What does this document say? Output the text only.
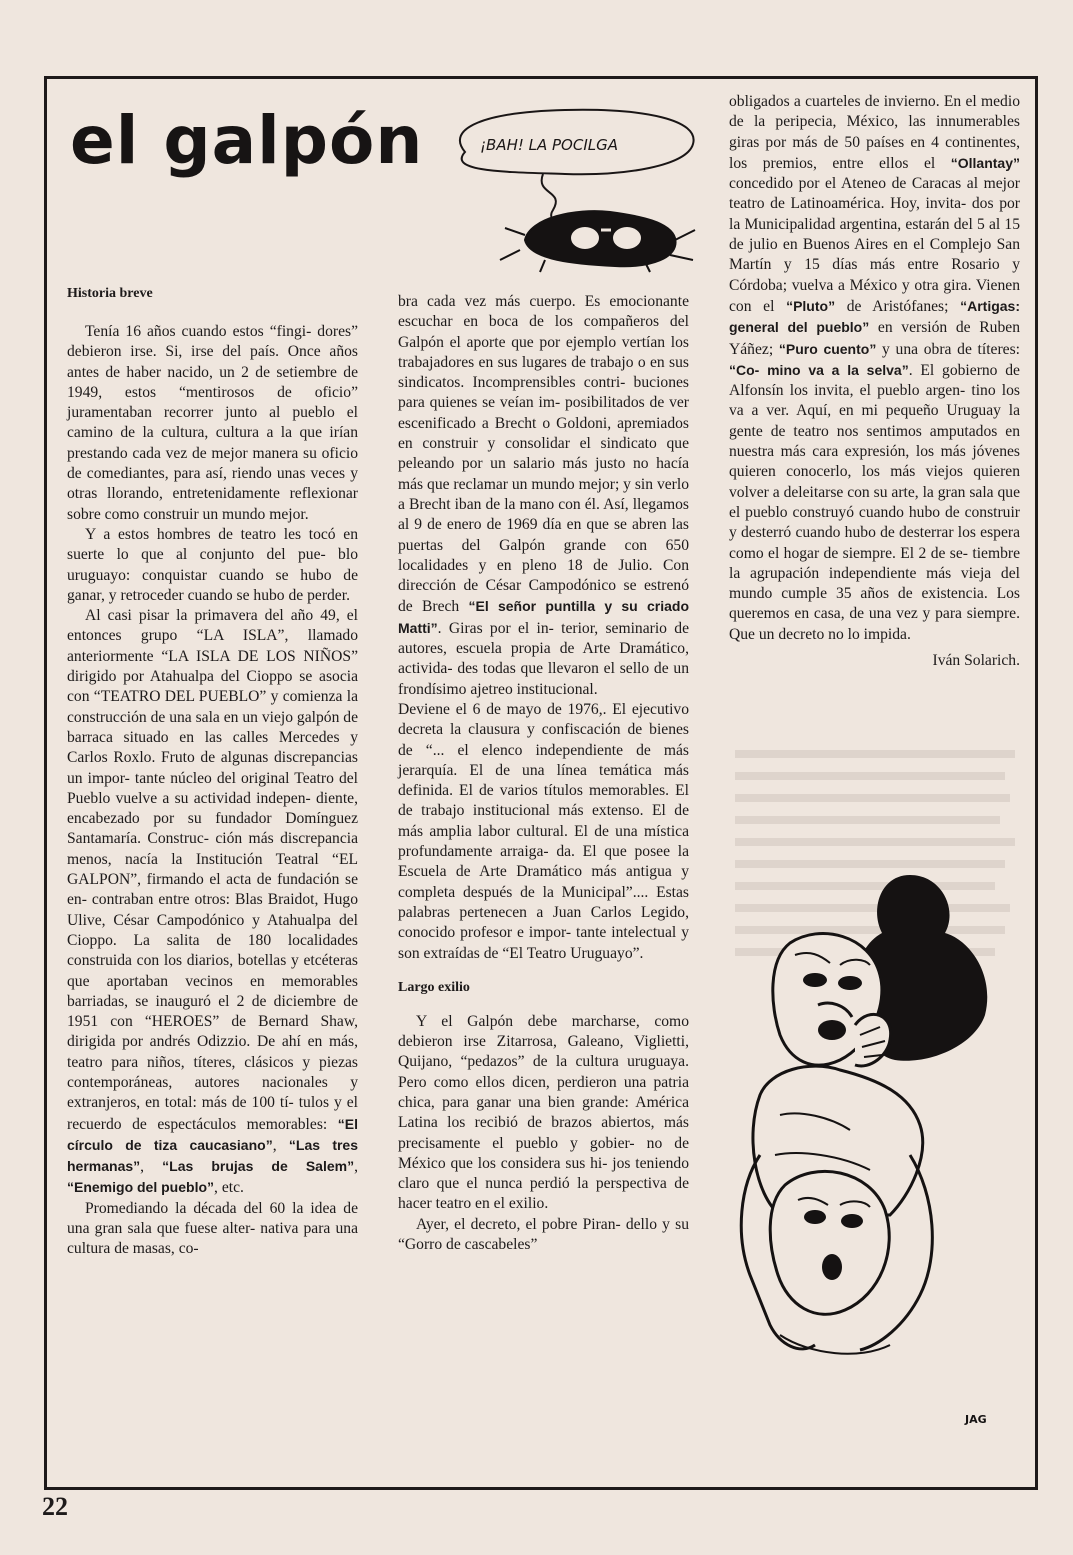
el galpón	¡BAH! LA POCILGA
Historia breve

Tenía 16 años cuando estos “fingi- dores” debieron irse. Si, irse del país. Once años antes de haber nacido, un 2 de setiembre de 1949, estos “mentirosos de oficio” juramentaban recorrer junto al pueblo el camino de la cultura, cultura a la que irían prestando cada vez de mejor manera su oficio de comediantes, para así, riendo unas veces y otras llorando, entretenidamente reflexionar sobre como construir un mundo mejor.

Y a estos hombres de teatro les tocó en suerte lo que al conjunto del pue- blo uruguayo: conquistar cuando se hubo de ganar, y retroceder cuando se hubo de perder.

Al casi pisar la primavera del año 49, el entonces grupo “LA ISLA”, llamado anteriormente “LA ISLA DE LOS NIÑOS” dirigido por Atahualpa del Cioppo se asocia con “TEATRO DEL PUEBLO” y comienza la construcción de una sala en un viejo galpón de barraca situado en las calles Mercedes y Carlos Roxlo. Fruto de algunas discrepancias un impor- tante núcleo del original Teatro del Pueblo vuelve a su actividad indepen- diente, encabezado por su fundador Domínguez Santamaría. Construc- ción más discrepancia menos, nacía la Institución Teatral “EL GALPON”, firmando el acta de fundación se en- contraban entre otros: Blas Braidot, Hugo Ulive, César Campodónico y Atahualpa del Cioppo. La salita de 180 localidades construida con los diarios, botellas y etcéteras que aportaban vecinos en memorables barriadas, se inauguró el 2 de diciembre de 1951 con “HEROES” de Bernard Shaw, dirigida por andrés Odizzio. De ahí en más, teatro para niños, títeres, clásicos y piezas contemporáneas, autores nacionales y extranjeros, en total: más de 100 tí- tulos y el recuerdo de espectáculos memorables: “El círculo de tiza caucasiano”, “Las tres hermanas”, “Las brujas de Salem”, “Enemigo del pueblo”, etc.

Promediando la década del 60 la idea de una gran sala que fuese alter- nativa para una cultura de masas, co-

bra cada vez más cuerpo. Es emocionante escuchar en boca de los compañeros del Galpón el aporte que por ejemplo vertían los trabajadores en sus lugares de trabajo o en sus sindicatos. Incomprensibles contri- buciones para quienes se veían im- posibilitados de ver escenificado a Brecht o Goldoni, apremiados en construir y consolidar el sindicato que peleando por un salario más justo no hacía más que reclamar un mundo mejor; y sin verlo a Brecht iban de la mano con él. Así, llegamos al 9 de enero de 1969 día en que se abren las puertas del Galpón grande con 650 localidades y en pleno 18 de Julio. Con dirección de César Campodónico se estrenó de Brech “El señor puntilla y su criado Matti”. Giras por el in- terior, seminario de autores, escuela propia de Arte Dramático, activida- des todas que llevaron el sello de un frondísimo ajetreo institucional.

Deviene el 6 de mayo de 1976,. El ejecutivo decreta la clausura y confiscación de bienes de “... el elenco independiente de más jerarquía. El de una línea temática más definida. El de varios títulos memorables. El de trabajo institucional más extenso. El de más amplia labor cultural. El de una mística profundamente arraiga- da. El que posee la Escuela de Arte Dramático más antigua y completa después de la Municipal”.... Estas palabras pertenecen a Juan Carlos Legido, conocido profesor e impor- tante intelectual y son extraídas de “El Teatro Uruguayo”.

Largo exilio

Y el Galpón debe marcharse, como debieron irse Zitarrosa, Galeano, Viglietti, Quijano, “pedazos” de la cultura uruguaya. Pero como ellos dicen, perdieron una patria chica, para ganar una bien grande: América Latina los recibió de brazos abiertos, más precisamente el pueblo y gobier- no de México que los considera sus hi- jos teniendo claro que el nunca perdió la perspectiva de hacer teatro en el exilio.

Ayer, el decreto, el pobre Piran- dello y su “Gorro de cascabeles”

obligados a cuarteles de invierno. En el medio de la peripecia, México, las innumerables giras por más de 50 países en 4 continentes, los premios, entre ellos el “Ollantay” concedido por el Ateneo de Caracas al mejor teatro de Latinoamérica. Hoy, invita- dos por la Municipalidad argentina, estarán del 5 al 15 de julio en Buenos Aires en el Complejo San Martín y 15 días más entre Rosario y Córdoba; vuelva a México y otra gira. Vienen con el “Pluto” de Aristófanes; “Artigas: general del pueblo” en versión de Ruben Yáñez; “Puro cuento” y una obra de títeres: “Co- mino va a la selva”. El gobierno de Alfonsín los invita, el pueblo argen- tino los va a ver. Aquí, en mi pequeño Uruguay la gente de teatro nos sentimos amputados en nuestra más cara expresión, los más jóvenes quieren conocerlo, los más viejos quieren volver a deleitarse con su arte, la gran sala que el pueblo construyó cuando hubo de construir y desterró cuando hubo de desterrar los espera como el hogar de siempre. El 2 de se- tiembre la agrupación independiente más vieja del mundo cumple 35 años de existencia. Los queremos en casa, de una vez y para siempre. Que un decreto no lo impida.

Iván Solarich.
JAG
22
